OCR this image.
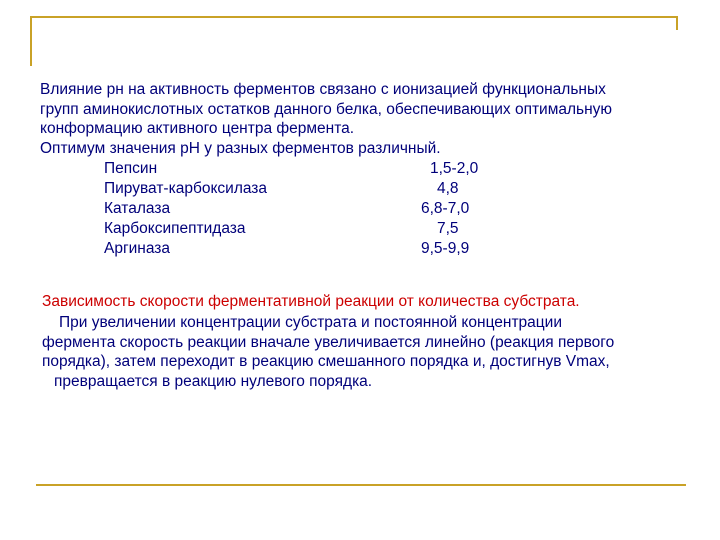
Влияние рн на активность ферментов связано с ионизацией функциональных
групп аминокислотных остатков данного белка, обеспечивающих оптимальную
конформацию активного центра фермента.
Оптимум значения рН у разных ферментов различный.
Пепсин	1,5-2,0
Пируват-карбоксилаза	4,8
Каталаза	6,8-7,0
Карбоксипептидаза	7,5
Аргиназа	9,5-9,9
Зависимость скорости ферментативной реакции от количества субстрата.
При увеличении концентрации субстрата и постоянной концентрации
фермента скорость реакции вначале увеличивается линейно (реакция первого
порядка), затем переходит в реакцию смешанного порядка и, достигнув Vmax,
превращается в реакцию нулевого порядка.
